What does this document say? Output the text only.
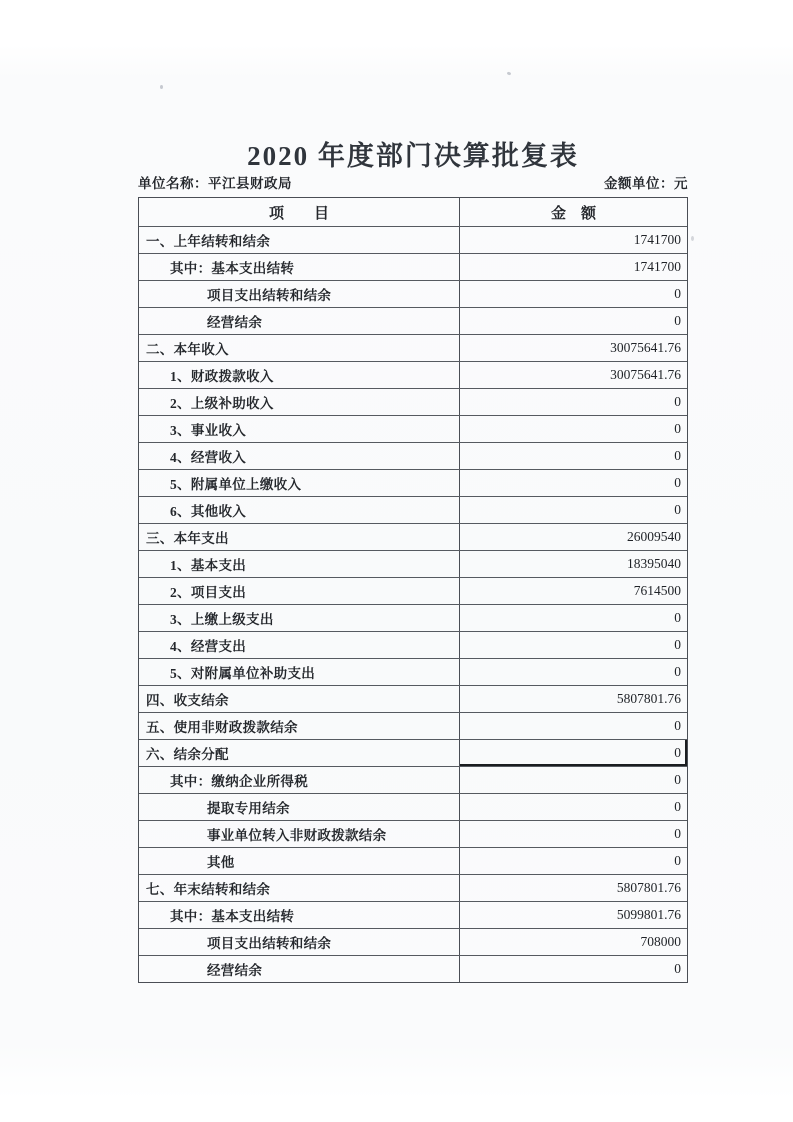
2020 年度部门决算批复表
单位名称：平江县财政局	金额单位：元
项　　目	金　额
一、上年结转和结余	1741700
其中：基本支出结转	1741700
项目支出结转和结余	0
经营结余	0
二、本年收入	30075641.76
1、财政拨款收入	30075641.76
2、上级补助收入	0
3、事业收入	0
4、经营收入	0
5、附属单位上缴收入	0
6、其他收入	0
三、本年支出	26009540
1、基本支出	18395040
2、项目支出	7614500
3、上缴上级支出	0
4、经营支出	0
5、对附属单位补助支出	0
四、收支结余	5807801.76
五、使用非财政拨款结余	0
六、结余分配	0
其中：缴纳企业所得税	0
提取专用结余	0
事业单位转入非财政拨款结余	0
其他	0
七、年末结转和结余	5807801.76
其中：基本支出结转	5099801.76
项目支出结转和结余	708000
经营结余	0
